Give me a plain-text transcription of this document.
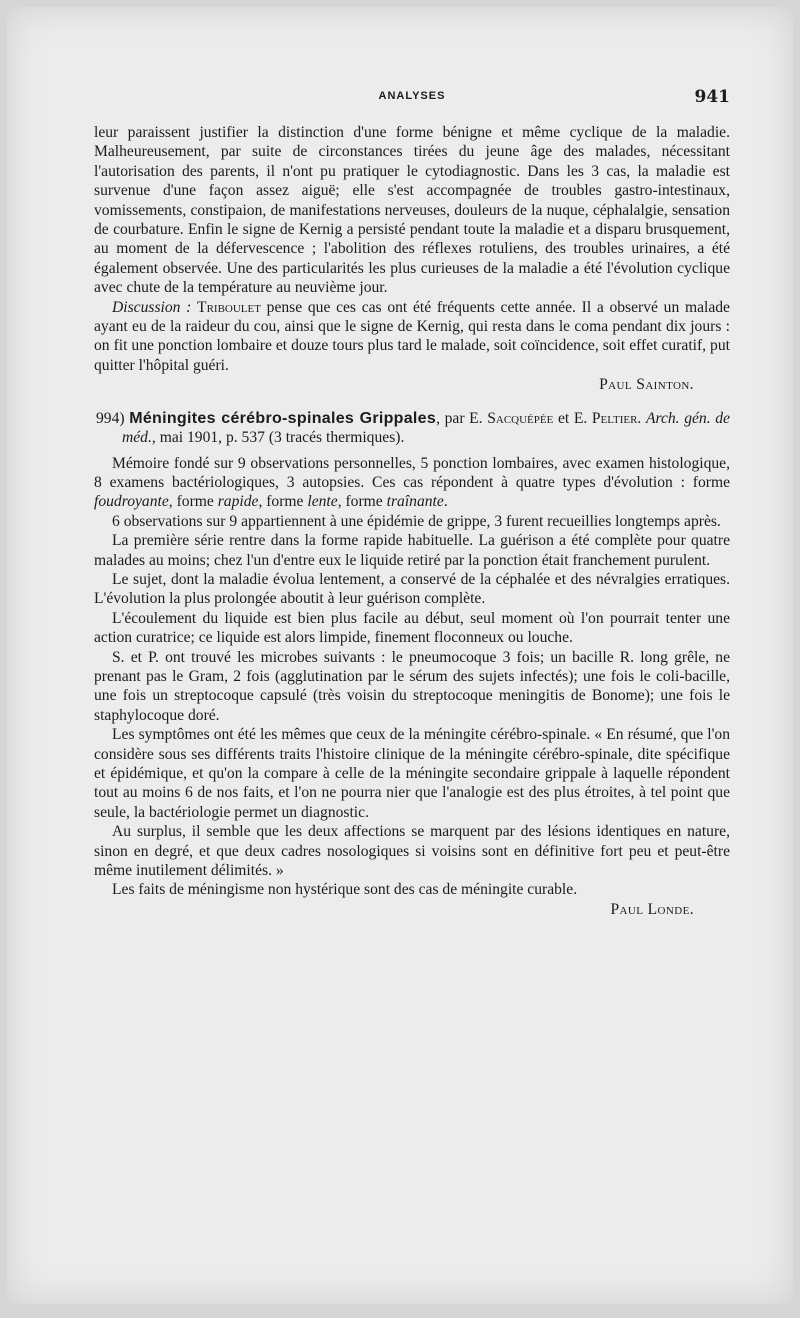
ANALYSES	941

leur paraissent justifier la distinction d'une forme bénigne et même cyclique de la maladie. Malheureusement, par suite de circonstances tirées du jeune âge des malades, nécessitant l'autorisation des parents, il n'ont pu pratiquer le cytodiagnostic. Dans les 3 cas, la maladie est survenue d'une façon assez aiguë; elle s'est accompagnée de troubles gastro-intestinaux, vomissements, constipaion, de manifestations nerveuses, douleurs de la nuque, céphalalgie, sensation de courbature. Enfin le signe de Kernig a persisté pendant toute la maladie et a disparu brusquement, au moment de la défervescence ; l'abolition des réflexes rotuliens, des troubles urinaires, a été également observée. Une des particularités les plus curieuses de la maladie a été l'évolution cyclique avec chute de la température au neuvième jour.

Discussion : Triboulet pense que ces cas ont été fréquents cette année. Il a observé un malade ayant eu de la raideur du cou, ainsi que le signe de Kernig, qui resta dans le coma pendant dix jours : on fit une ponction lombaire et douze tours plus tard le malade, soit coïncidence, soit effet curatif, put quitter l'hôpital guéri.

Paul Sainton.

994) Méningites cérébro-spinales Grippales, par E. Sacquépée et E. Peltier. Arch. gén. de méd., mai 1901, p. 537 (3 tracés thermiques).

Mémoire fondé sur 9 observations personnelles, 5 ponction lombaires, avec examen histologique, 8 examens bactériologiques, 3 autopsies. Ces cas répondent à quatre types d'évolution : forme foudroyante, forme rapide, forme lente, forme traînante.

6 observations sur 9 appartiennent à une épidémie de grippe, 3 furent recueillies longtemps après.

La première série rentre dans la forme rapide habituelle. La guérison a été complète pour quatre malades au moins; chez l'un d'entre eux le liquide retiré par la ponction était franchement purulent.

Le sujet, dont la maladie évolua lentement, a conservé de la céphalée et des névralgies erratiques. L'évolution la plus prolongée aboutit à leur guérison complète.

L'écoulement du liquide est bien plus facile au début, seul moment où l'on pourrait tenter une action curatrice; ce liquide est alors limpide, finement floconneux ou louche.

S. et P. ont trouvé les microbes suivants : le pneumocoque 3 fois; un bacille R. long grêle, ne prenant pas le Gram, 2 fois (agglutination par le sérum des sujets infectés); une fois le coli-bacille, une fois un streptocoque capsulé (très voisin du streptocoque meningitis de Bonome); une fois le staphylocoque doré.

Les symptômes ont été les mêmes que ceux de la méningite cérébro-spinale. « En résumé, que l'on considère sous ses différents traits l'histoire clinique de la méningite cérébro-spinale, dite spécifique et épidémique, et qu'on la compare à celle de la méningite secondaire grippale à laquelle répondent tout au moins 6 de nos faits, et l'on ne pourra nier que l'analogie est des plus étroites, à tel point que seule, la bactériologie permet un diagnostic.

Au surplus, il semble que les deux affections se marquent par des lésions identiques en nature, sinon en degré, et que deux cadres nosologiques si voisins sont en définitive fort peu et peut-être même inutilement délimités. »

Les faits de méningisme non hystérique sont des cas de méningite curable.

Paul Londe.
